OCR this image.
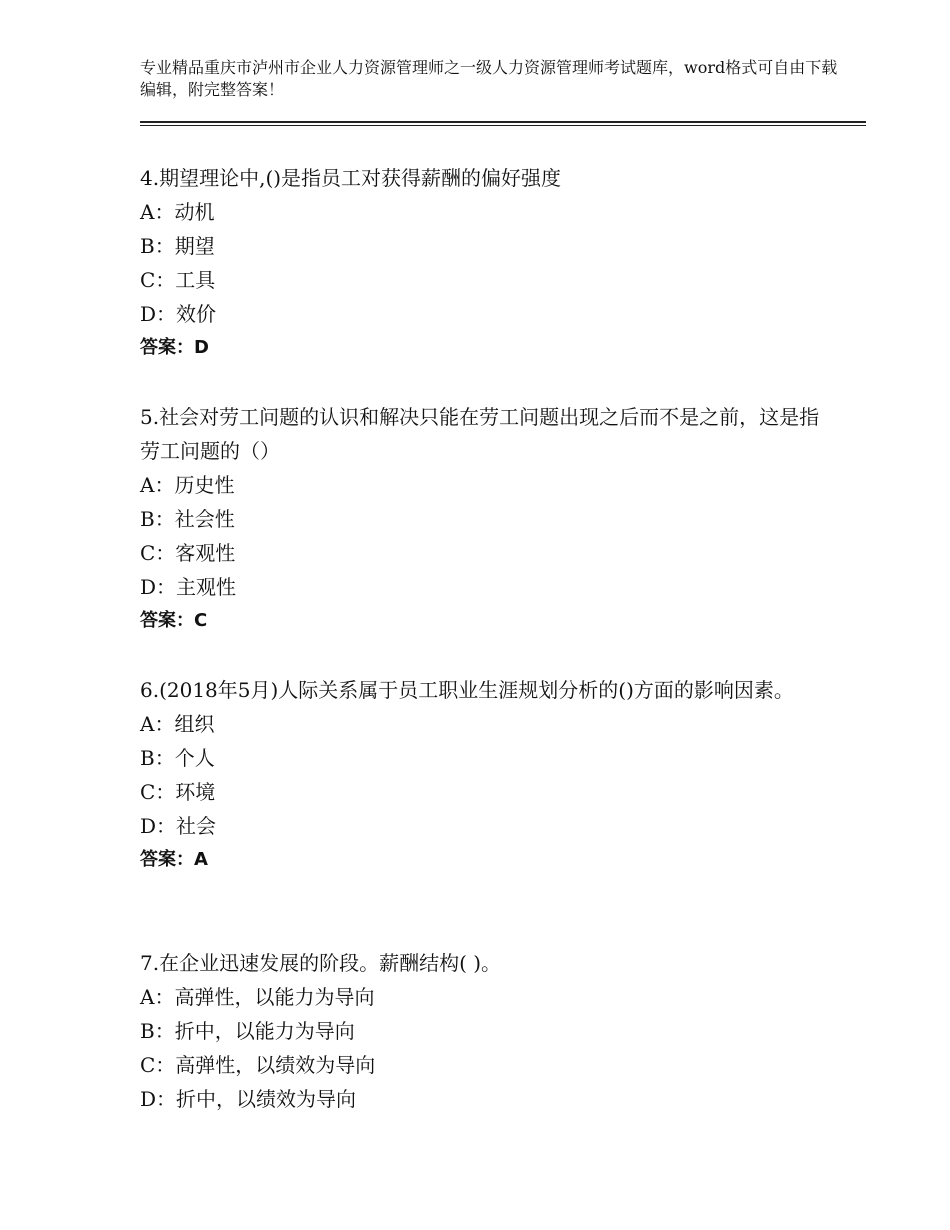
专业精品重庆市泸州市企业人力资源管理师之一级人力资源管理师考试题库，word格式可自由下载编辑，附完整答案！

4.期望理论中,()是指员工对获得薪酬的偏好强度

A：动机

B：期望

C：工具

D：效价

答案：D

5.社会对劳工问题的认识和解决只能在劳工问题出现之后而不是之前，这是指劳工问题的（）

A：历史性

B：社会性

C：客观性

D：主观性

答案：C

6.(2018年5月)人际关系属于员工职业生涯规划分析的()方面的影响因素。

A：组织

B：个人

C：环境

D：社会

答案：A

7.在企业迅速发展的阶段。薪酬结构( )。

A：高弹性，以能力为导向

B：折中，以能力为导向

C：高弹性，以绩效为导向

D：折中，以绩效为导向
